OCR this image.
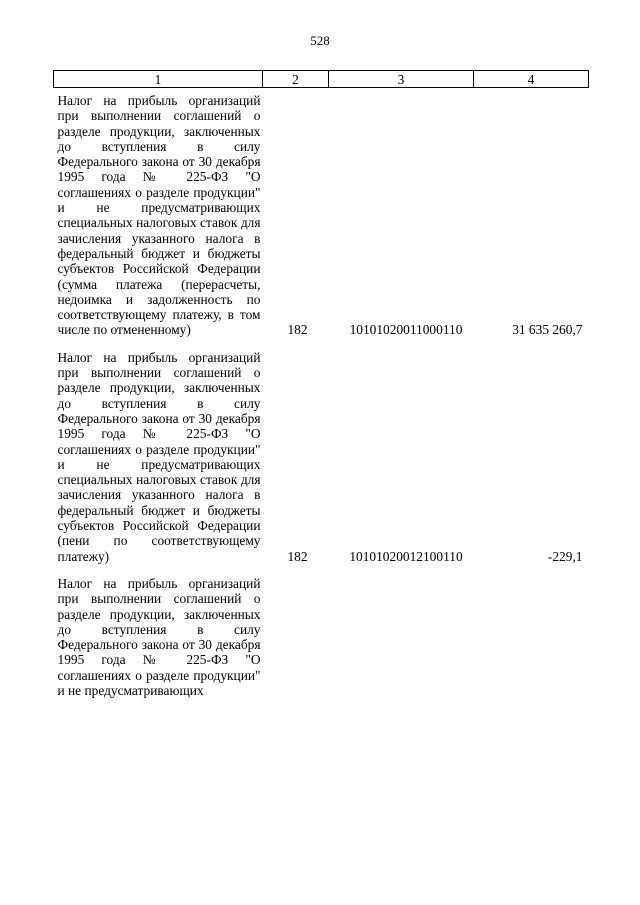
528
1	2	3	4
Налог на прибыль организаций при выполнении соглашений о разделе продукции, заключенных до вступления в силу Федерального закона от 30 декабря 1995 года № 225-ФЗ "О соглашениях о разделе продукции" и не предусматривающих специальных налоговых ставок для зачисления указанного налога в федеральный бюджет и бюджеты субъектов Российской Федерации (сумма платежа (перерасчеты, недоимка и задолженность по соответствующему платежу, в том числе по отмененному)	182	10101020011000110	31 635 260,7
Налог на прибыль организаций при выполнении соглашений о разделе продукции, заключенных до вступления в силу Федерального закона от 30 декабря 1995 года № 225-ФЗ "О соглашениях о разделе продукции" и не предусматривающих специальных налоговых ставок для зачисления указанного налога в федеральный бюджет и бюджеты субъектов Российской Федерации (пени по соответствующему платежу)	182	10101020012100110	-229,1
Налог на прибыль организаций при выполнении соглашений о разделе продукции, заключенных до вступления в силу Федерального закона от 30 декабря 1995 года № 225-ФЗ "О соглашениях о разделе продукции" и не предусматривающих			
